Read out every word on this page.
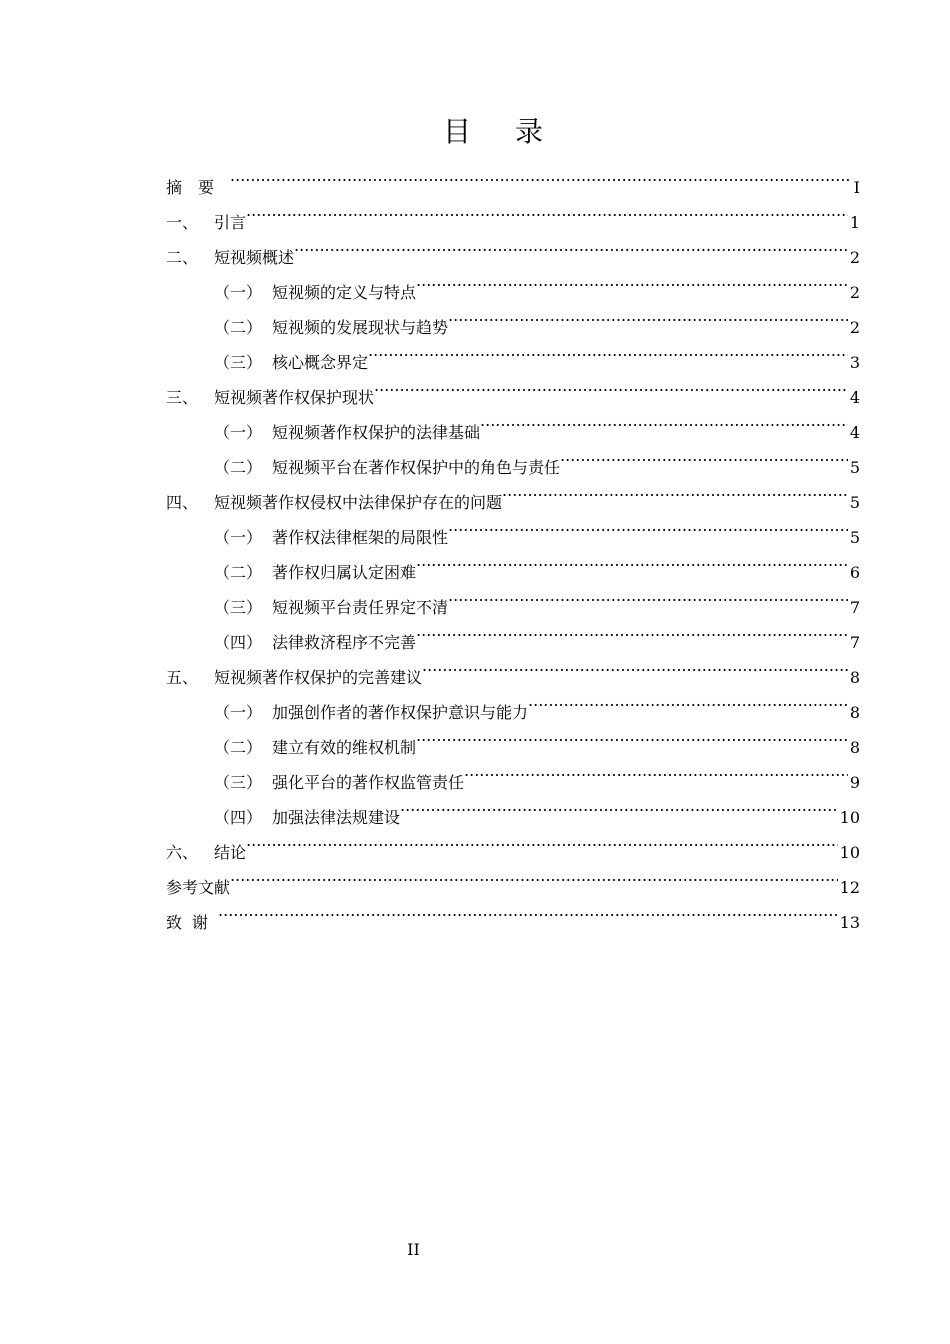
目录
摘要 .....	I
一、 引言 .....	1
二、 短视频概述 .....	2
（一） 短视频的定义与特点 .....	2
（二） 短视频的发展现状与趋势 .....	2
（三） 核心概念界定 .....	3
三、 短视频著作权保护现状 .....	4
（一） 短视频著作权保护的法律基础 .....	4
（二） 短视频平台在著作权保护中的角色与责任 .....	5
四、 短视频著作权侵权中法律保护存在的问题 .....	5
（一） 著作权法律框架的局限性 .....	5
（二） 著作权归属认定困难 .....	6
（三） 短视频平台责任界定不清 .....	7
（四） 法律救济程序不完善 .....	7
五、 短视频著作权保护的完善建议 .....	8
（一） 加强创作者的著作权保护意识与能力 .....	8
（二） 建立有效的维权机制 .....	8
（三） 强化平台的著作权监管责任 .....	9
（四） 加强法律法规建设 .....	10
六、 结论 .....	10
参考文献 .....	12
致谢 .....	13
II
